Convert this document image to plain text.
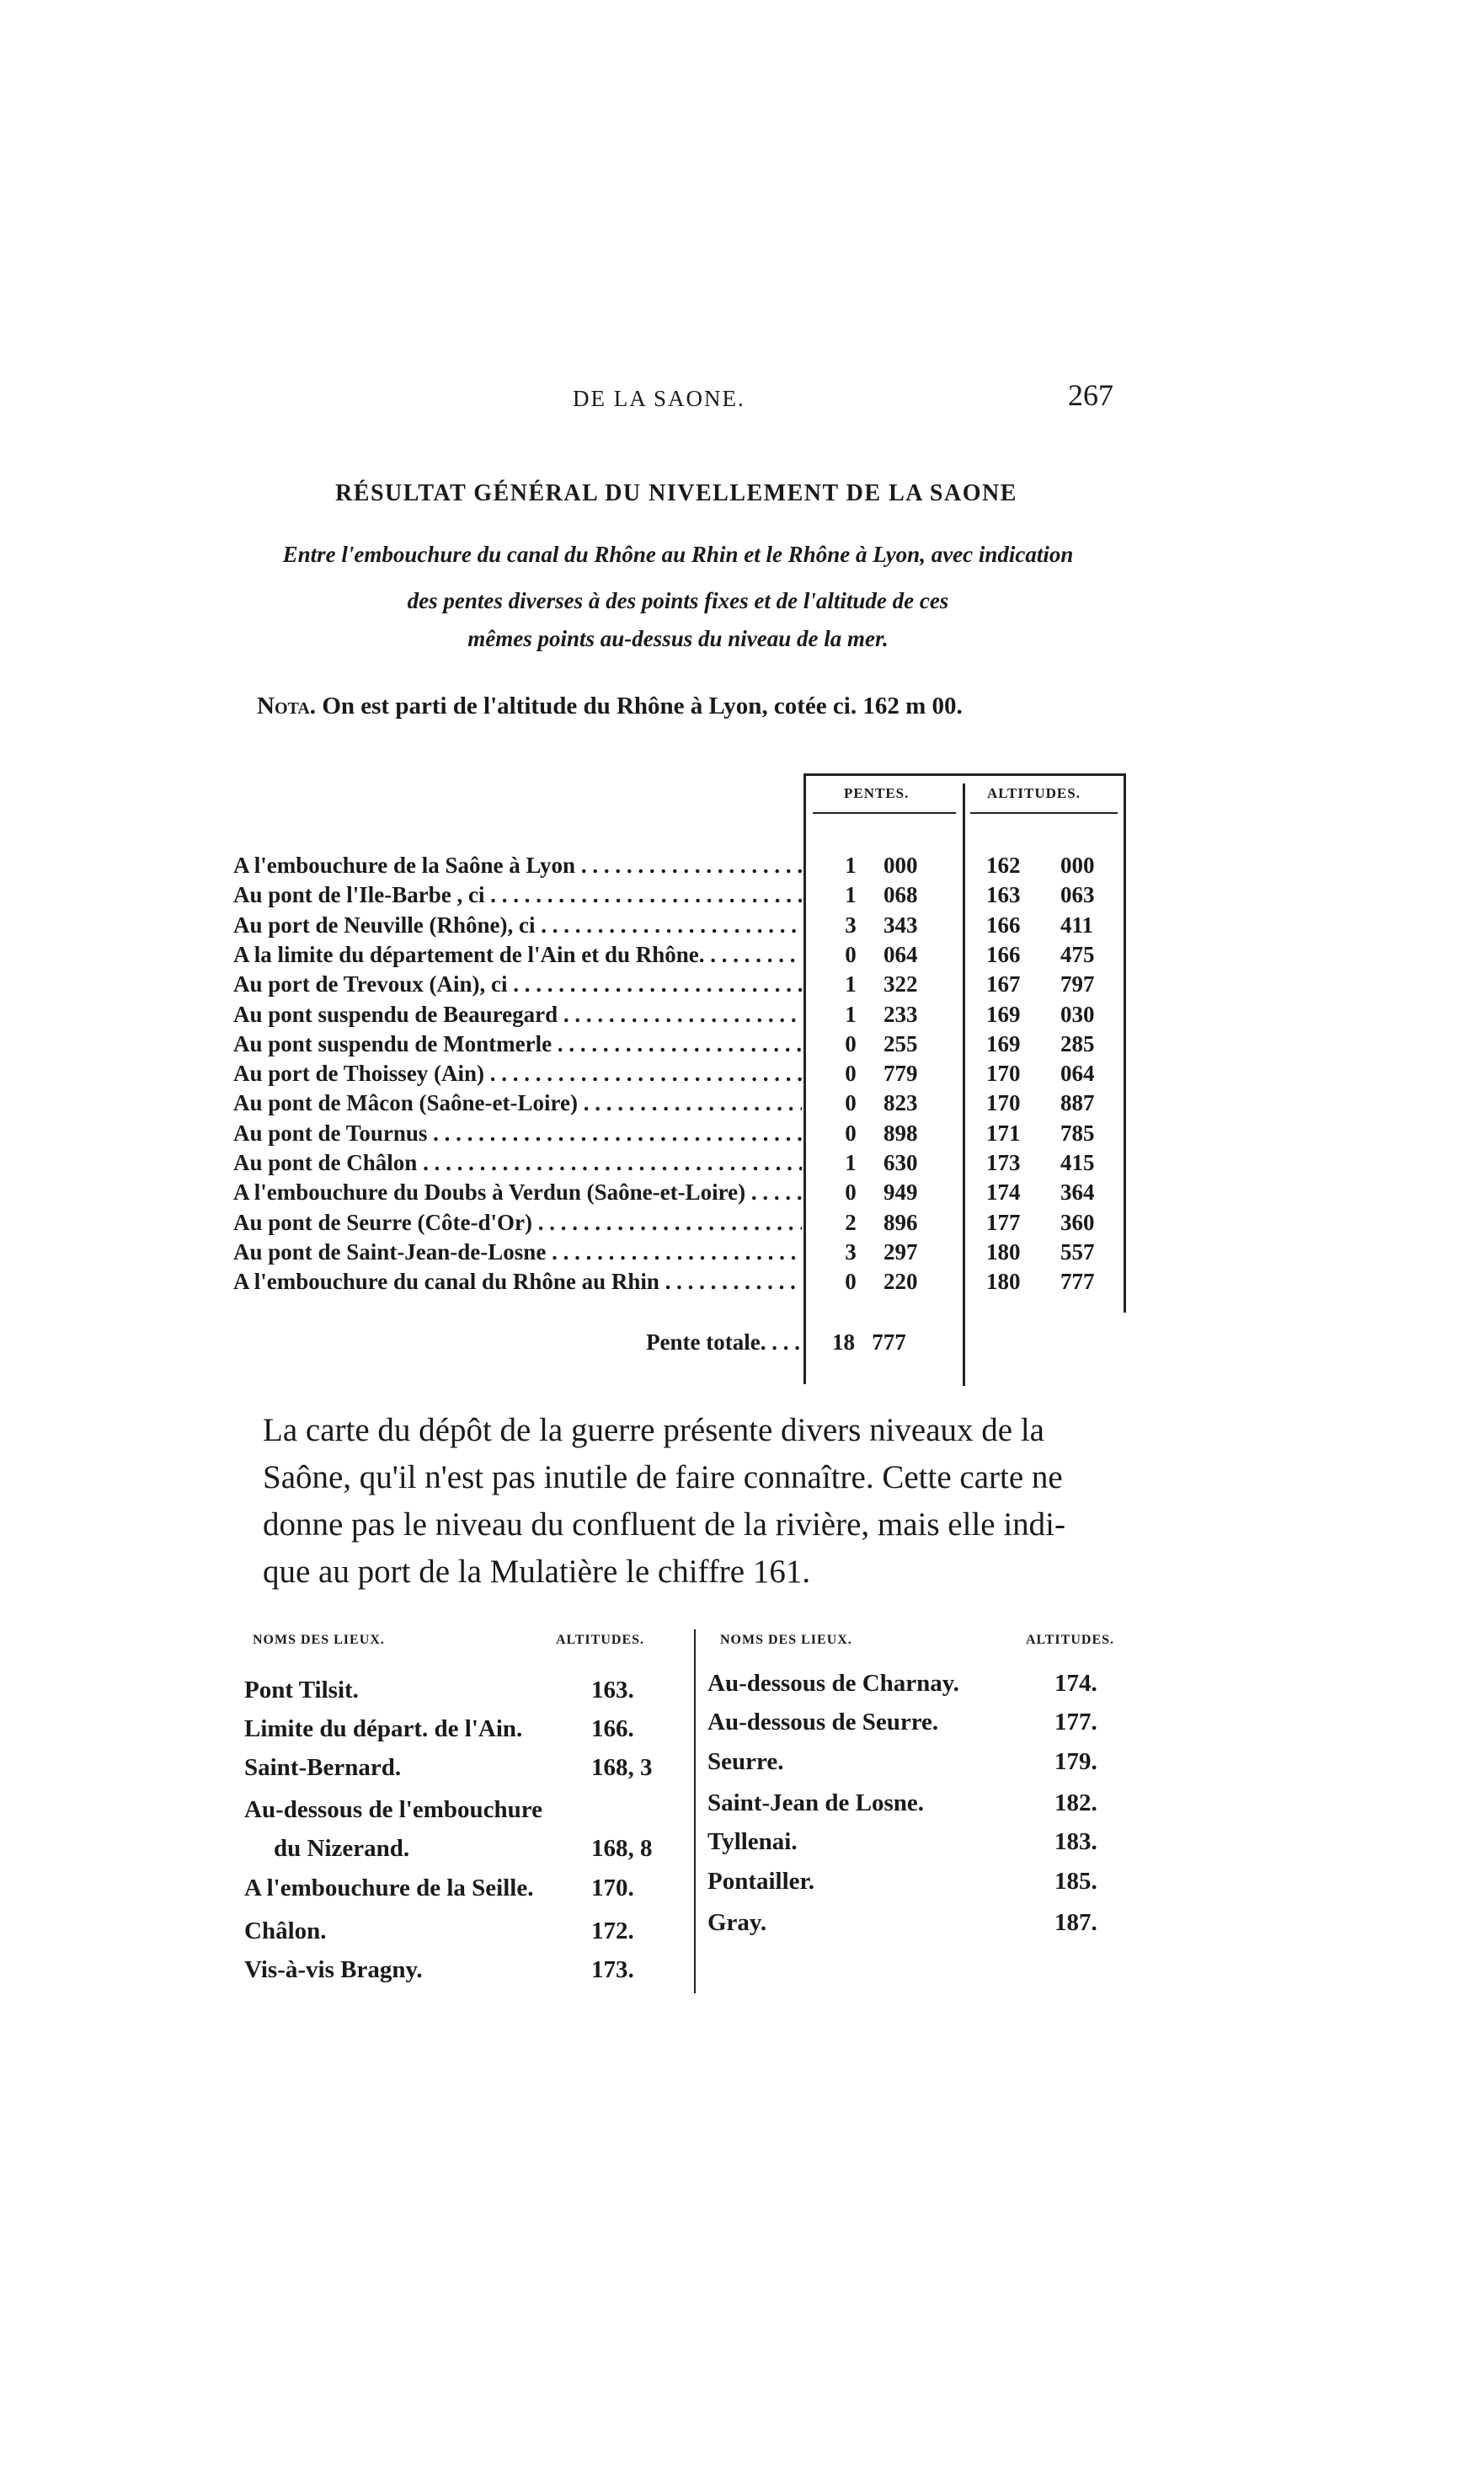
DE LA SAONE.	267
RÉSULTAT GÉNÉRAL DU NIVELLEMENT DE LA SAONE
Entre l'embouchure du canal du Rhône au Rhin et le Rhône à Lyon, avec indication
des pentes diverses à des points fixes et de l'altitude de ces
mêmes points au-dessus du niveau de la mer.
Nota. On est parti de l'altitude du Rhône à Lyon, cotée ci. 162 m 00.
PENTES.	ALTITUDES.
A l'embouchure de la Saône à Lyon . . .	1	000	162	000
Au pont de l'Ile-Barbe , ci . . .	1	068	163	063
Au port de Neuville (Rhône), ci . . .	3	343	166	411
A la limite du département de l'Ain et du Rhône. . . .	0	064	166	475
Au port de Trevoux (Ain), ci . . .	1	322	167	797
Au pont suspendu de Beauregard . . .	1	233	169	030
Au pont suspendu de Montmerle . . .	0	255	169	285
Au port de Thoissey (Ain) . . .	0	779	170	064
Au pont de Mâcon (Saône-et-Loire) . . .	0	823	170	887
Au pont de Tournus . . .	0	898	171	785
Au pont de Châlon . . .	1	630	173	415
A l'embouchure du Doubs à Verdun (Saône-et-Loire) . . .	0	949	174	364
Au pont de Seurre (Côte-d'Or) . . .	2	896	177	360
Au pont de Saint-Jean-de-Losne . . .	3	297	180	557
A l'embouchure du canal du Rhône au Rhin . . .	0	220	180	777
Pente totale. . . . 18 777
La carte du dépôt de la guerre présente divers niveaux de la
Saône, qu'il n'est pas inutile de faire connaître. Cette carte ne
donne pas le niveau du confluent de la rivière, mais elle indi-
que au port de la Mulatière le chiffre 161.
NOMS DES LIEUX.	ALTITUDES.	NOMS DES LIEUX.	ALTITUDES.
Pont Tilsit.	163.
Limite du départ. de l'Ain.	166.
Saint-Bernard.	168, 3
Au-dessous de l'embouchure
du Nizerand.	168, 8
A l'embouchure de la Seille. 170.
Châlon.	172.
Vis-à-vis Bragny.	173.
Au-dessous de Charnay.	174.
Au-dessous de Seurre.	177.
Seurre.	179.
Saint-Jean de Losne.	182.
Tyllenai.	183.
Pontailler.	185.
Gray.	187.
